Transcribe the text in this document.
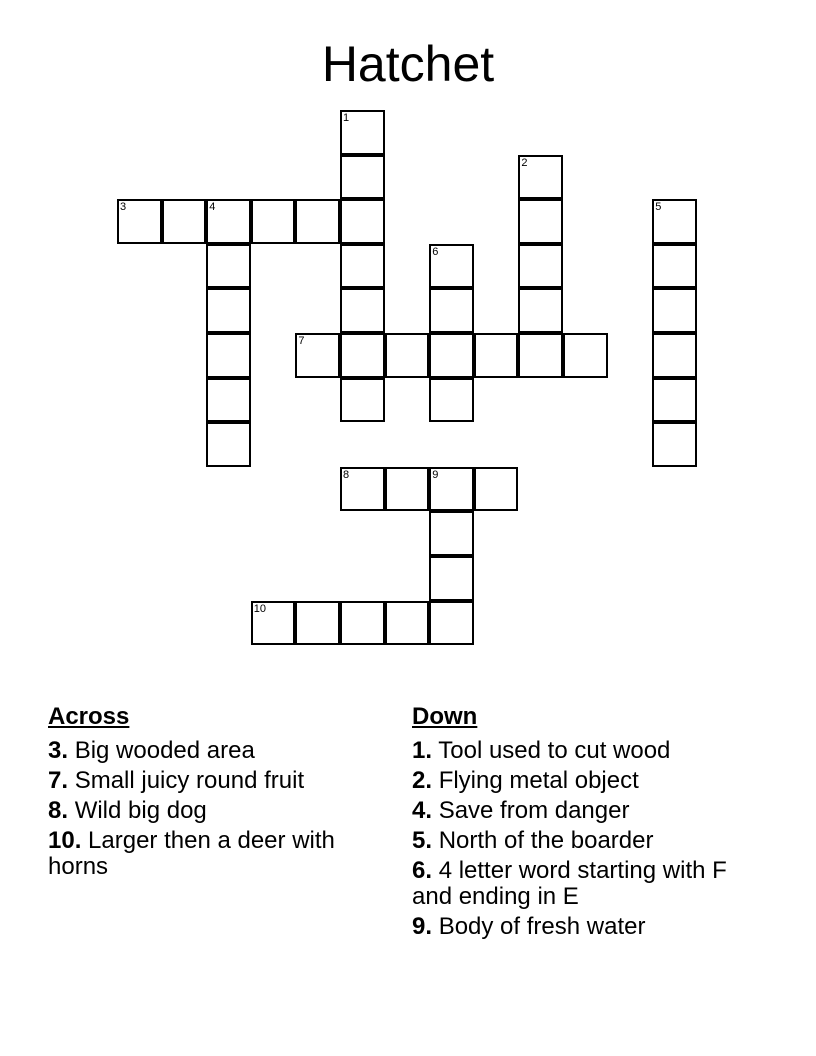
Hatchet
1
2
3	4	5
6
7
8	9
10
Across
3. Big wooded area
7. Small juicy round fruit
8. Wild big dog
10. Larger then a deer with horns
Down
1. Tool used to cut wood
2. Flying metal object
4. Save from danger
5. North of the boarder
6. 4 letter word starting with F and ending in E
9. Body of fresh water
